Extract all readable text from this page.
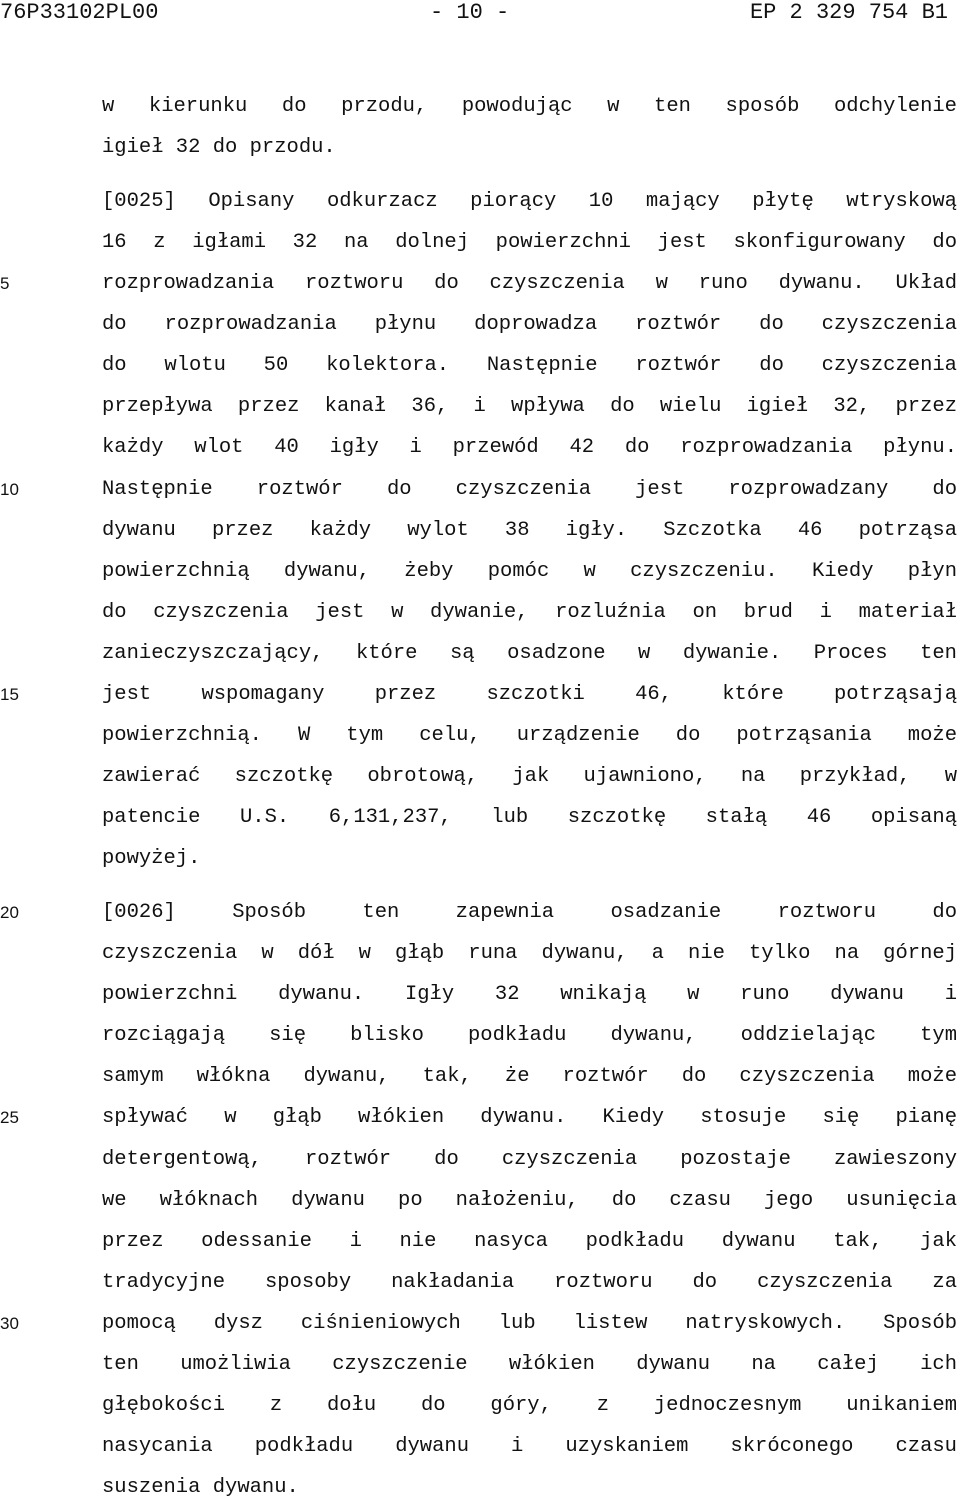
76P33102PL00	- 10 -	EP 2 329 754 B1
5
10
15
20
25
30
w kierunku do przodu, powodując w ten sposób odchylenie
igieł 32 do przodu.
[0025] Opisany odkurzacz piorący 10 mający płytę wtryskową
16 z igłami 32 na dolnej powierzchni jest skonfigurowany do
rozprowadzania roztworu do czyszczenia w runo dywanu. Układ
do rozprowadzania płynu doprowadza roztwór do czyszczenia
do wlotu 50 kolektora. Następnie roztwór do czyszczenia
przepływa przez kanał 36, i wpływa do wielu igieł 32, przez
każdy wlot 40 igły i przewód 42 do rozprowadzania płynu.
Następnie roztwór do czyszczenia jest rozprowadzany do
dywanu przez każdy wylot 38 igły. Szczotka 46 potrząsa
powierzchnią dywanu, żeby pomóc w czyszczeniu. Kiedy płyn
do czyszczenia jest w dywanie, rozluźnia on brud i materiał
zanieczyszczający, które są osadzone w dywanie. Proces ten
jest wspomagany przez szczotki 46, które potrząsają
powierzchnią. W tym celu, urządzenie do potrząsania może
zawierać szczotkę obrotową, jak ujawniono, na przykład, w
patencie U.S. 6,131,237, lub szczotkę stałą 46 opisaną
powyżej.
[0026] Sposób ten zapewnia osadzanie roztworu do
czyszczenia w dół w głąb runa dywanu, a nie tylko na górnej
powierzchni dywanu. Igły 32 wnikają w runo dywanu i
rozciągają się blisko podkładu dywanu, oddzielając tym
samym włókna dywanu, tak, że roztwór do czyszczenia może
spływać w głąb włókien dywanu. Kiedy stosuje się pianę
detergentową, roztwór do czyszczenia pozostaje zawieszony
we włóknach dywanu po nałożeniu, do czasu jego usunięcia
przez odessanie i nie nasyca podkładu dywanu tak, jak
tradycyjne sposoby nakładania roztworu do czyszczenia za
pomocą dysz ciśnieniowych lub listew natryskowych. Sposób
ten umożliwia czyszczenie włókien dywanu na całej ich
głębokości z dołu do góry, z jednoczesnym unikaniem
nasycania podkładu dywanu i uzyskaniem skróconego czasu
suszenia dywanu.
